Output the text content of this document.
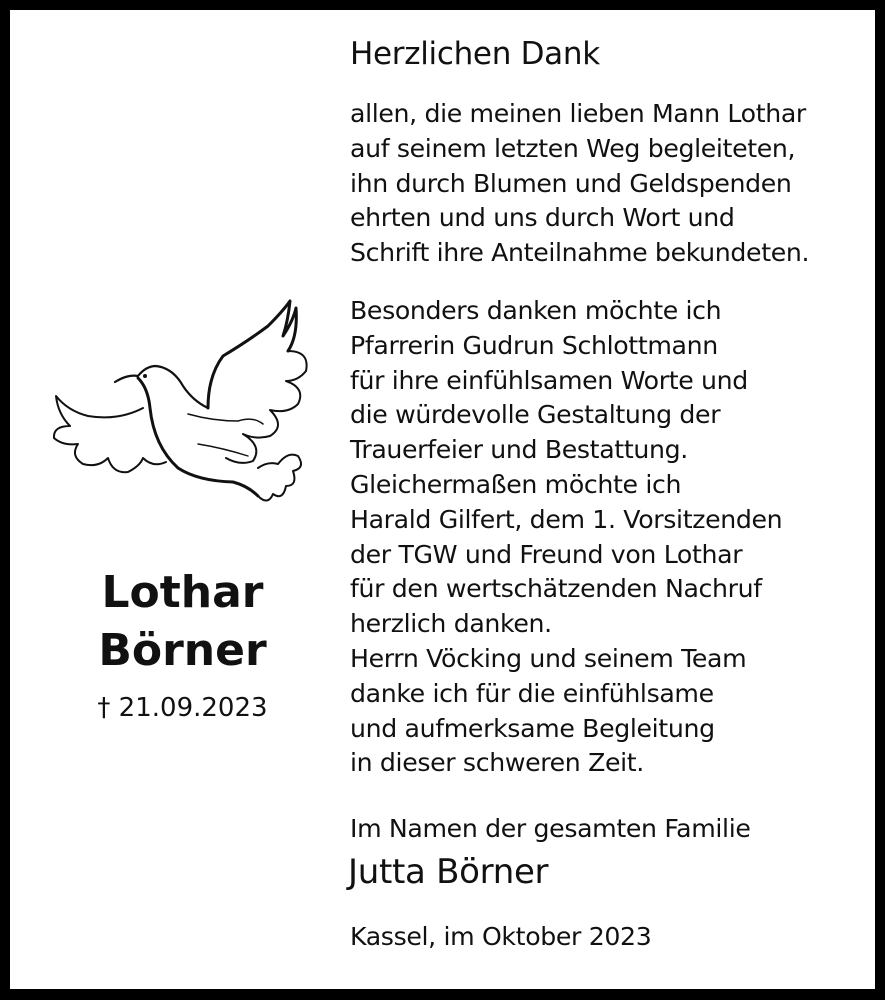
Herzlichen Dank
allen, die meinen lieben Mann Lothar
auf seinem letzten Weg begleiteten,
ihn durch Blumen und Geldspenden
ehrten und uns durch Wort und
Schrift ihre Anteilnahme bekundeten.
Besonders danken möchte ich
Pfarrerin Gudrun Schlottmann
für ihre einfühlsamen Worte und
die würdevolle Gestaltung der
Trauerfeier und Bestattung.
Gleichermaßen möchte ich
Harald Gilfert, dem 1. Vorsitzenden
der TGW und Freund von Lothar
für den wertschätzenden Nachruf
herzlich danken.
Herrn Vöcking und seinem Team
danke ich für die einfühlsame
und aufmerksame Begleitung
in dieser schweren Zeit.
Im Namen der gesamten Familie
Jutta Börner
Kassel, im Oktober 2023
Lothar
Börner
† 21.09.2023
